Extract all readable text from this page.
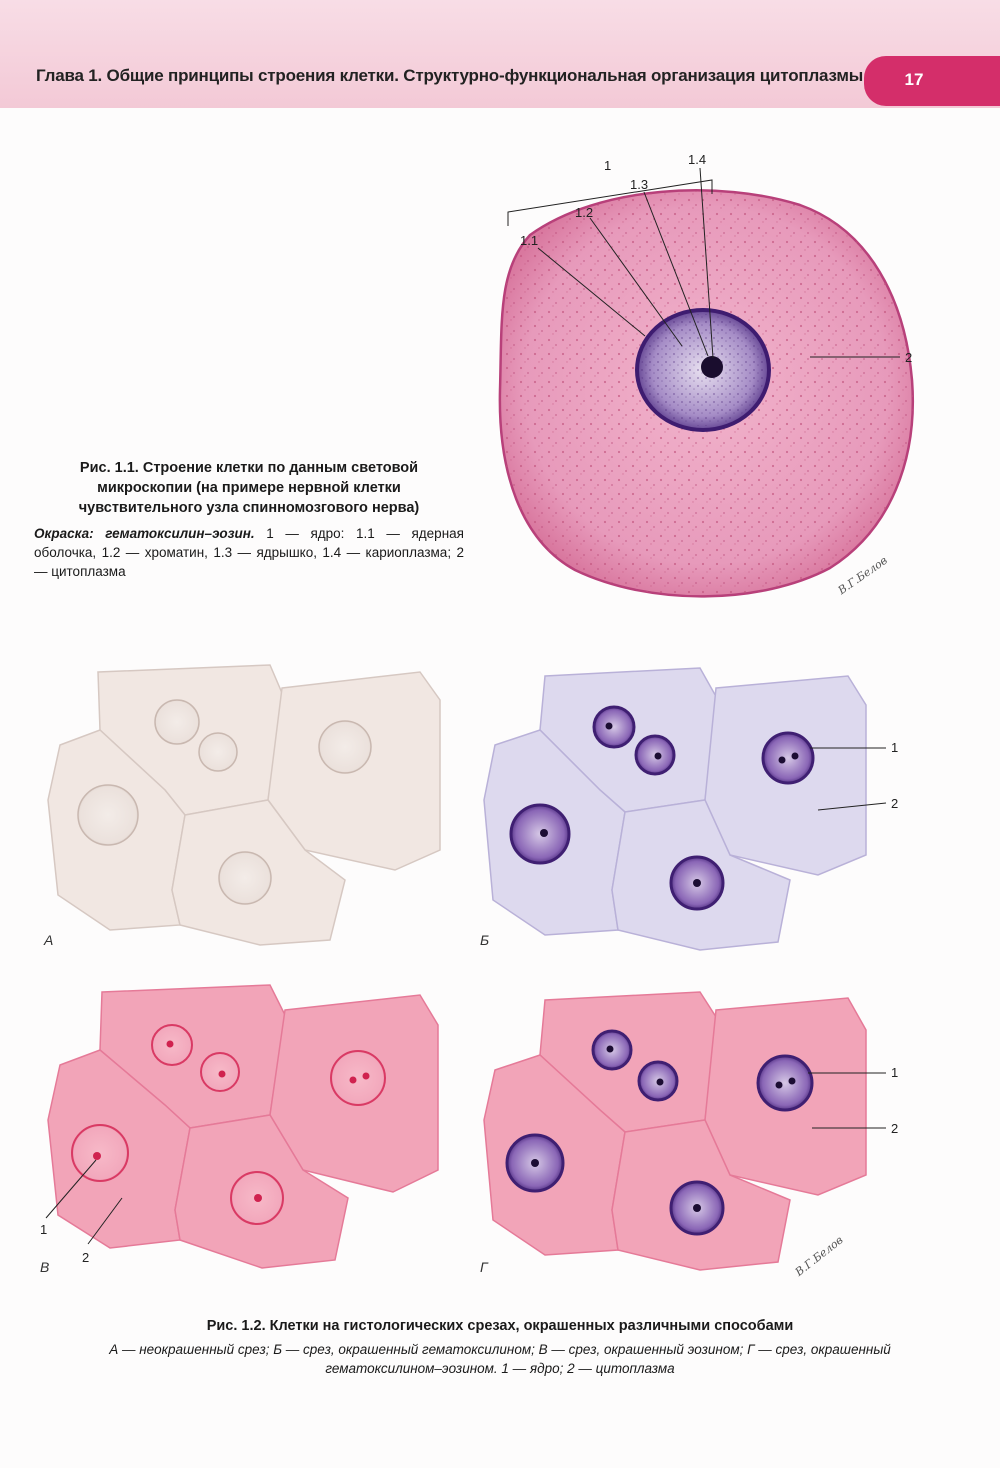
Глава 1. Общие принципы строения клетки. Структурно-функциональная организация цитоплазмы	17
1
1.1
1.2
1.3
1.4
2
В.Г.Белов
А
1
2
Б
1
2
В
1
2
Г	В.Г.Белов
Рис. 1.1. Строение клетки по данным световой микроскопии (на примере нервной клетки чувствительного узла спинномозгового нерва)
Окраска: гематоксилин–эозин. 1 — ядро: 1.1 — ядерная оболочка, 1.2 — хроматин, 1.3 — ядрышко, 1.4 — кариоплазма; 2 — цитоплазма
Рис. 1.2. Клетки на гистологических срезах, окрашенных различными способами
А — неокрашенный срез; Б — срез, окрашенный гематоксилином; В — срез, окрашенный эозином; Г — срез, окрашенный гематоксилином–эозином. 1 — ядро; 2 — цитоплазма
